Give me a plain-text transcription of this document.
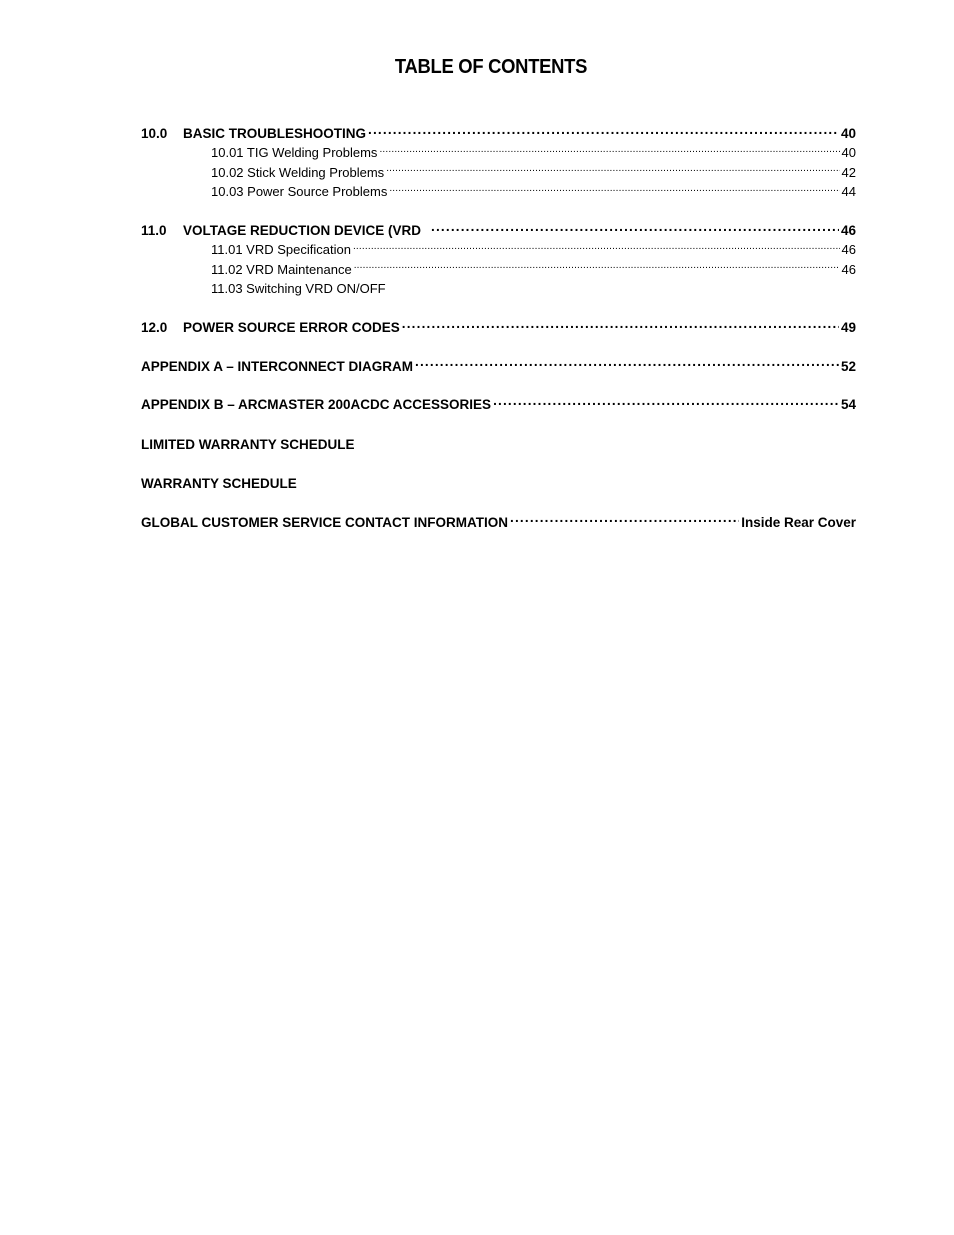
TABLE OF CONTENTS
10.0 BASIC TROUBLESHOOTING .....	40
10.01 TIG Welding Problems .....	40
10.02 Stick Welding Problems .....	42
10.03 Power Source Problems .....	44
11.0 VOLTAGE REDUCTION DEVICE (VRD .....	46
11.01 VRD Specification .....	46
11.02 VRD Maintenance .....	46
11.03 Switching VRD ON/OFF
12.0 POWER SOURCE ERROR CODES .....	49
APPENDIX A – INTERCONNECT DIAGRAM .....	52
APPENDIX B – ARCMASTER 200ACDC ACCESSORIES .....	54
LIMITED WARRANTY SCHEDULE
WARRANTY SCHEDULE
GLOBAL CUSTOMER SERVICE CONTACT INFORMATION .....	Inside Rear Cover
